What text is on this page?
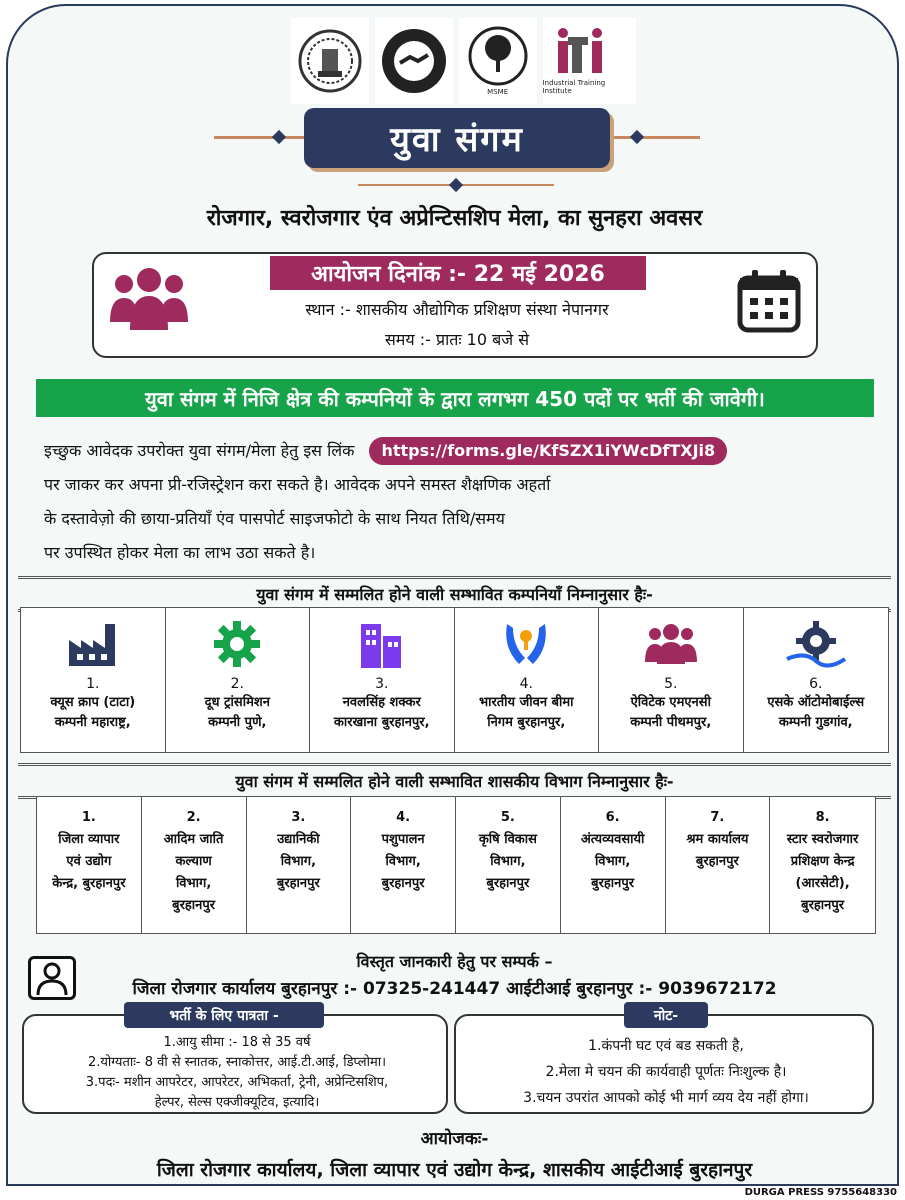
MSME
Industrial Training Institute
युवा संगम
रोजगार, स्वरोजगार एंव अप्रेन्टिसशिप मेला, का सुनहरा अवसर
आयोजन दिनांक :- 22 मई 2026
स्थान :- शासकीय औद्योगिक प्रशिक्षण संस्था नेपानगर
समय :- प्रातः 10 बजे से
युवा संगम में निजि क्षेत्र की कम्पनियों के द्वारा लगभग 450 पदों पर भर्ती की जावेगी।
इच्छुक आवेदक उपरोक्त युवा संगम/मेला हेतु इस लिंक https://forms.gle/KfSZX1iYWcDfTXJi8
पर जाकर कर अपना प्री-रजिस्ट्रेशन करा सकते है। आवेदक अपने समस्त शैक्षणिक अहर्ता
के दस्तावेज़ो की छाया-प्रतियाँ एंव पासपोर्ट साइजफोटो के साथ नियत तिथि/समय
पर उपस्थित होकर मेला का लाभ उठा सकते है।
युवा संगम में सम्मलित होने वाली सम्भावित कम्पनियाँ निम्नानुसार हैः-
1.
क्यूस क्राप (टाटा)
कम्पनी महाराष्ट्र,
2.
दूध ट्रांसमिशन
कम्पनी पुणे,
3.
नवलसिंह शक्कर
कारखाना बुरहानपुर,
4.
भारतीय जीवन बीमा
निगम बुरहानपुर,
5.
ऐविटेक एमएनसी
कम्पनी पीथमपुर,
6.
एसके ऑटोमोबाईल्स
कम्पनी गुडगांव,
युवा संगम में सम्मलित होने वाली सम्भावित शासकीय विभाग निम्नानुसार हैः-
1.
जिला व्यापार
एवं उद्योग
केन्द्र, बुरहानपुर
2.
आदिम जाति
कल्याण
विभाग,
बुरहानपुर
3.
उद्यानिकी
विभाग,
बुरहानपुर
4.
पशुपालन
विभाग,
बुरहानपुर
5.
कृषि विकास
विभाग,
बुरहानपुर
6.
अंत्यव्यवसायी
विभाग,
बुरहानपुर
7.
श्रम कार्यालय
बुरहानपुर
8.
स्टार स्वरोजगार
प्रशिक्षण केन्द्र
(आरसेटी),
बुरहानपुर
विस्तृत जानकारी हेतु पर सम्पर्क –
जिला रोजगार कार्यालय बुरहानपुर :- 07325-241447 आईटीआई बुरहानपुर :- 9039672172
भर्ती के लिए पात्रता -
1.आयु सीमा :- 18 से 35 वर्ष
2.योग्यताः- 8 वी से स्नातक, स्नाकोत्तर, आई.टी.आई, डिप्लोमा।
3.पदः- मशीन आपरेटर, आपरेटर, अभिकर्ता, ट्रेनी, अप्रेन्टिसशिप,
हेल्पर, सेल्स एक्जीक्यूटिव, इत्यादि।
नोट-
1.कंपनी घट एवं बड सकती है,
2.मेला मे चयन की कार्यवाही पूर्णतः निःशुल्क है।
3.चयन उपरांत आपको कोई भी मार्ग व्यय देय नहीं होगा।
आयोजकः-
जिला रोजगार कार्यालय, जिला व्यापार एवं उद्योग केन्द्र, शासकीय आईटीआई बुरहानपुर
DURGA PRESS 9755648330
